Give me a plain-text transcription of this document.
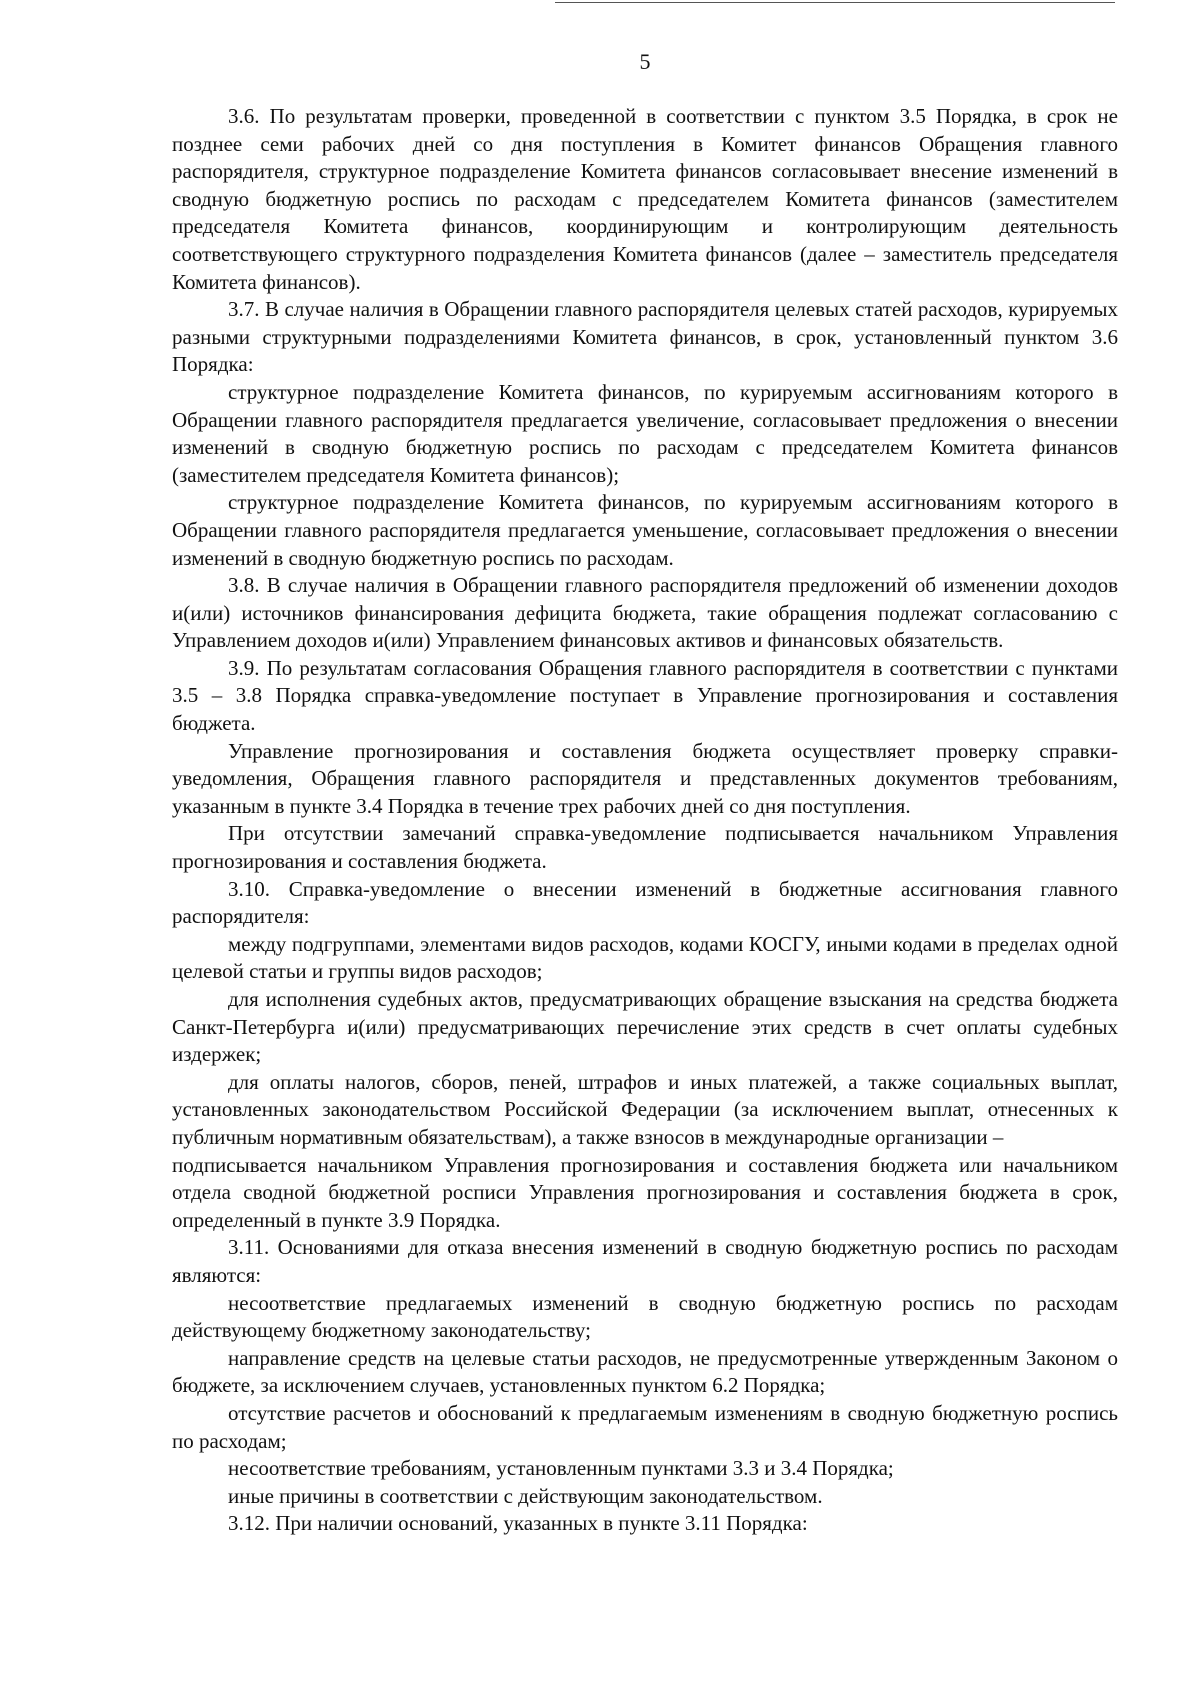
5

3.6. По результатам проверки, проведенной в соответствии с пунктом 3.5 Порядка, в срок не позднее семи рабочих дней со дня поступления в Комитет финансов Обращения главного распорядителя, структурное подразделение Комитета финансов согласовывает внесение изменений в сводную бюджетную роспись по расходам с председателем Комитета финансов (заместителем председателя Комитета финансов, координирующим и контролирующим деятельность соответствующего структурного подразделения Комитета финансов (далее – заместитель председателя Комитета финансов).

3.7. В случае наличия в Обращении главного распорядителя целевых статей расходов, курируемых разными структурными подразделениями Комитета финансов, в срок, установленный пунктом 3.6 Порядка:

структурное подразделение Комитета финансов, по курируемым ассигнованиям которого в Обращении главного распорядителя предлагается увеличение, согласовывает предложения о внесении изменений в сводную бюджетную роспись по расходам с председателем Комитета финансов (заместителем председателя Комитета финансов);

структурное подразделение Комитета финансов, по курируемым ассигнованиям которого в Обращении главного распорядителя предлагается уменьшение, согласовывает предложения о внесении изменений в сводную бюджетную роспись по расходам.

3.8. В случае наличия в Обращении главного распорядителя предложений об изменении доходов и(или) источников финансирования дефицита бюджета, такие обращения подлежат согласованию с Управлением доходов и(или) Управлением финансовых активов и финансовых обязательств.

3.9. По результатам согласования Обращения главного распорядителя в соответствии с пунктами 3.5 – 3.8 Порядка справка-уведомление поступает в Управление прогнозирования и составления бюджета.

Управление прогнозирования и составления бюджета осуществляет проверку справки-уведомления, Обращения главного распорядителя и представленных документов требованиям, указанным в пункте 3.4 Порядка в течение трех рабочих дней со дня поступления.

При отсутствии замечаний справка-уведомление подписывается начальником Управления прогнозирования и составления бюджета.

3.10. Справка-уведомление о внесении изменений в бюджетные ассигнования главного распорядителя:

между подгруппами, элементами видов расходов, кодами КОСГУ, иными кодами в пределах одной целевой статьи и группы видов расходов;

для исполнения судебных актов, предусматривающих обращение взыскания на средства бюджета Санкт-Петербурга и(или) предусматривающих перечисление этих средств в счет оплаты судебных издержек;

для оплаты налогов, сборов, пеней, штрафов и иных платежей, а также социальных выплат, установленных законодательством Российской Федерации (за исключением выплат, отнесенных к публичным нормативным обязательствам), а также взносов в международные организации –

подписывается начальником Управления прогнозирования и составления бюджета или начальником отдела сводной бюджетной росписи Управления прогнозирования и составления бюджета в срок, определенный в пункте 3.9 Порядка.

3.11. Основаниями для отказа внесения изменений в сводную бюджетную роспись по расходам являются:

несоответствие предлагаемых изменений в сводную бюджетную роспись по расходам действующему бюджетному законодательству;

направление средств на целевые статьи расходов, не предусмотренные утвержденным Законом о бюджете, за исключением случаев, установленных пунктом 6.2 Порядка;

отсутствие расчетов и обоснований к предлагаемым изменениям в сводную бюджетную роспись по расходам;

несоответствие требованиям, установленным пунктами 3.3 и 3.4 Порядка;

иные причины в соответствии с действующим законодательством.

3.12. При наличии оснований, указанных в пункте 3.11 Порядка:
